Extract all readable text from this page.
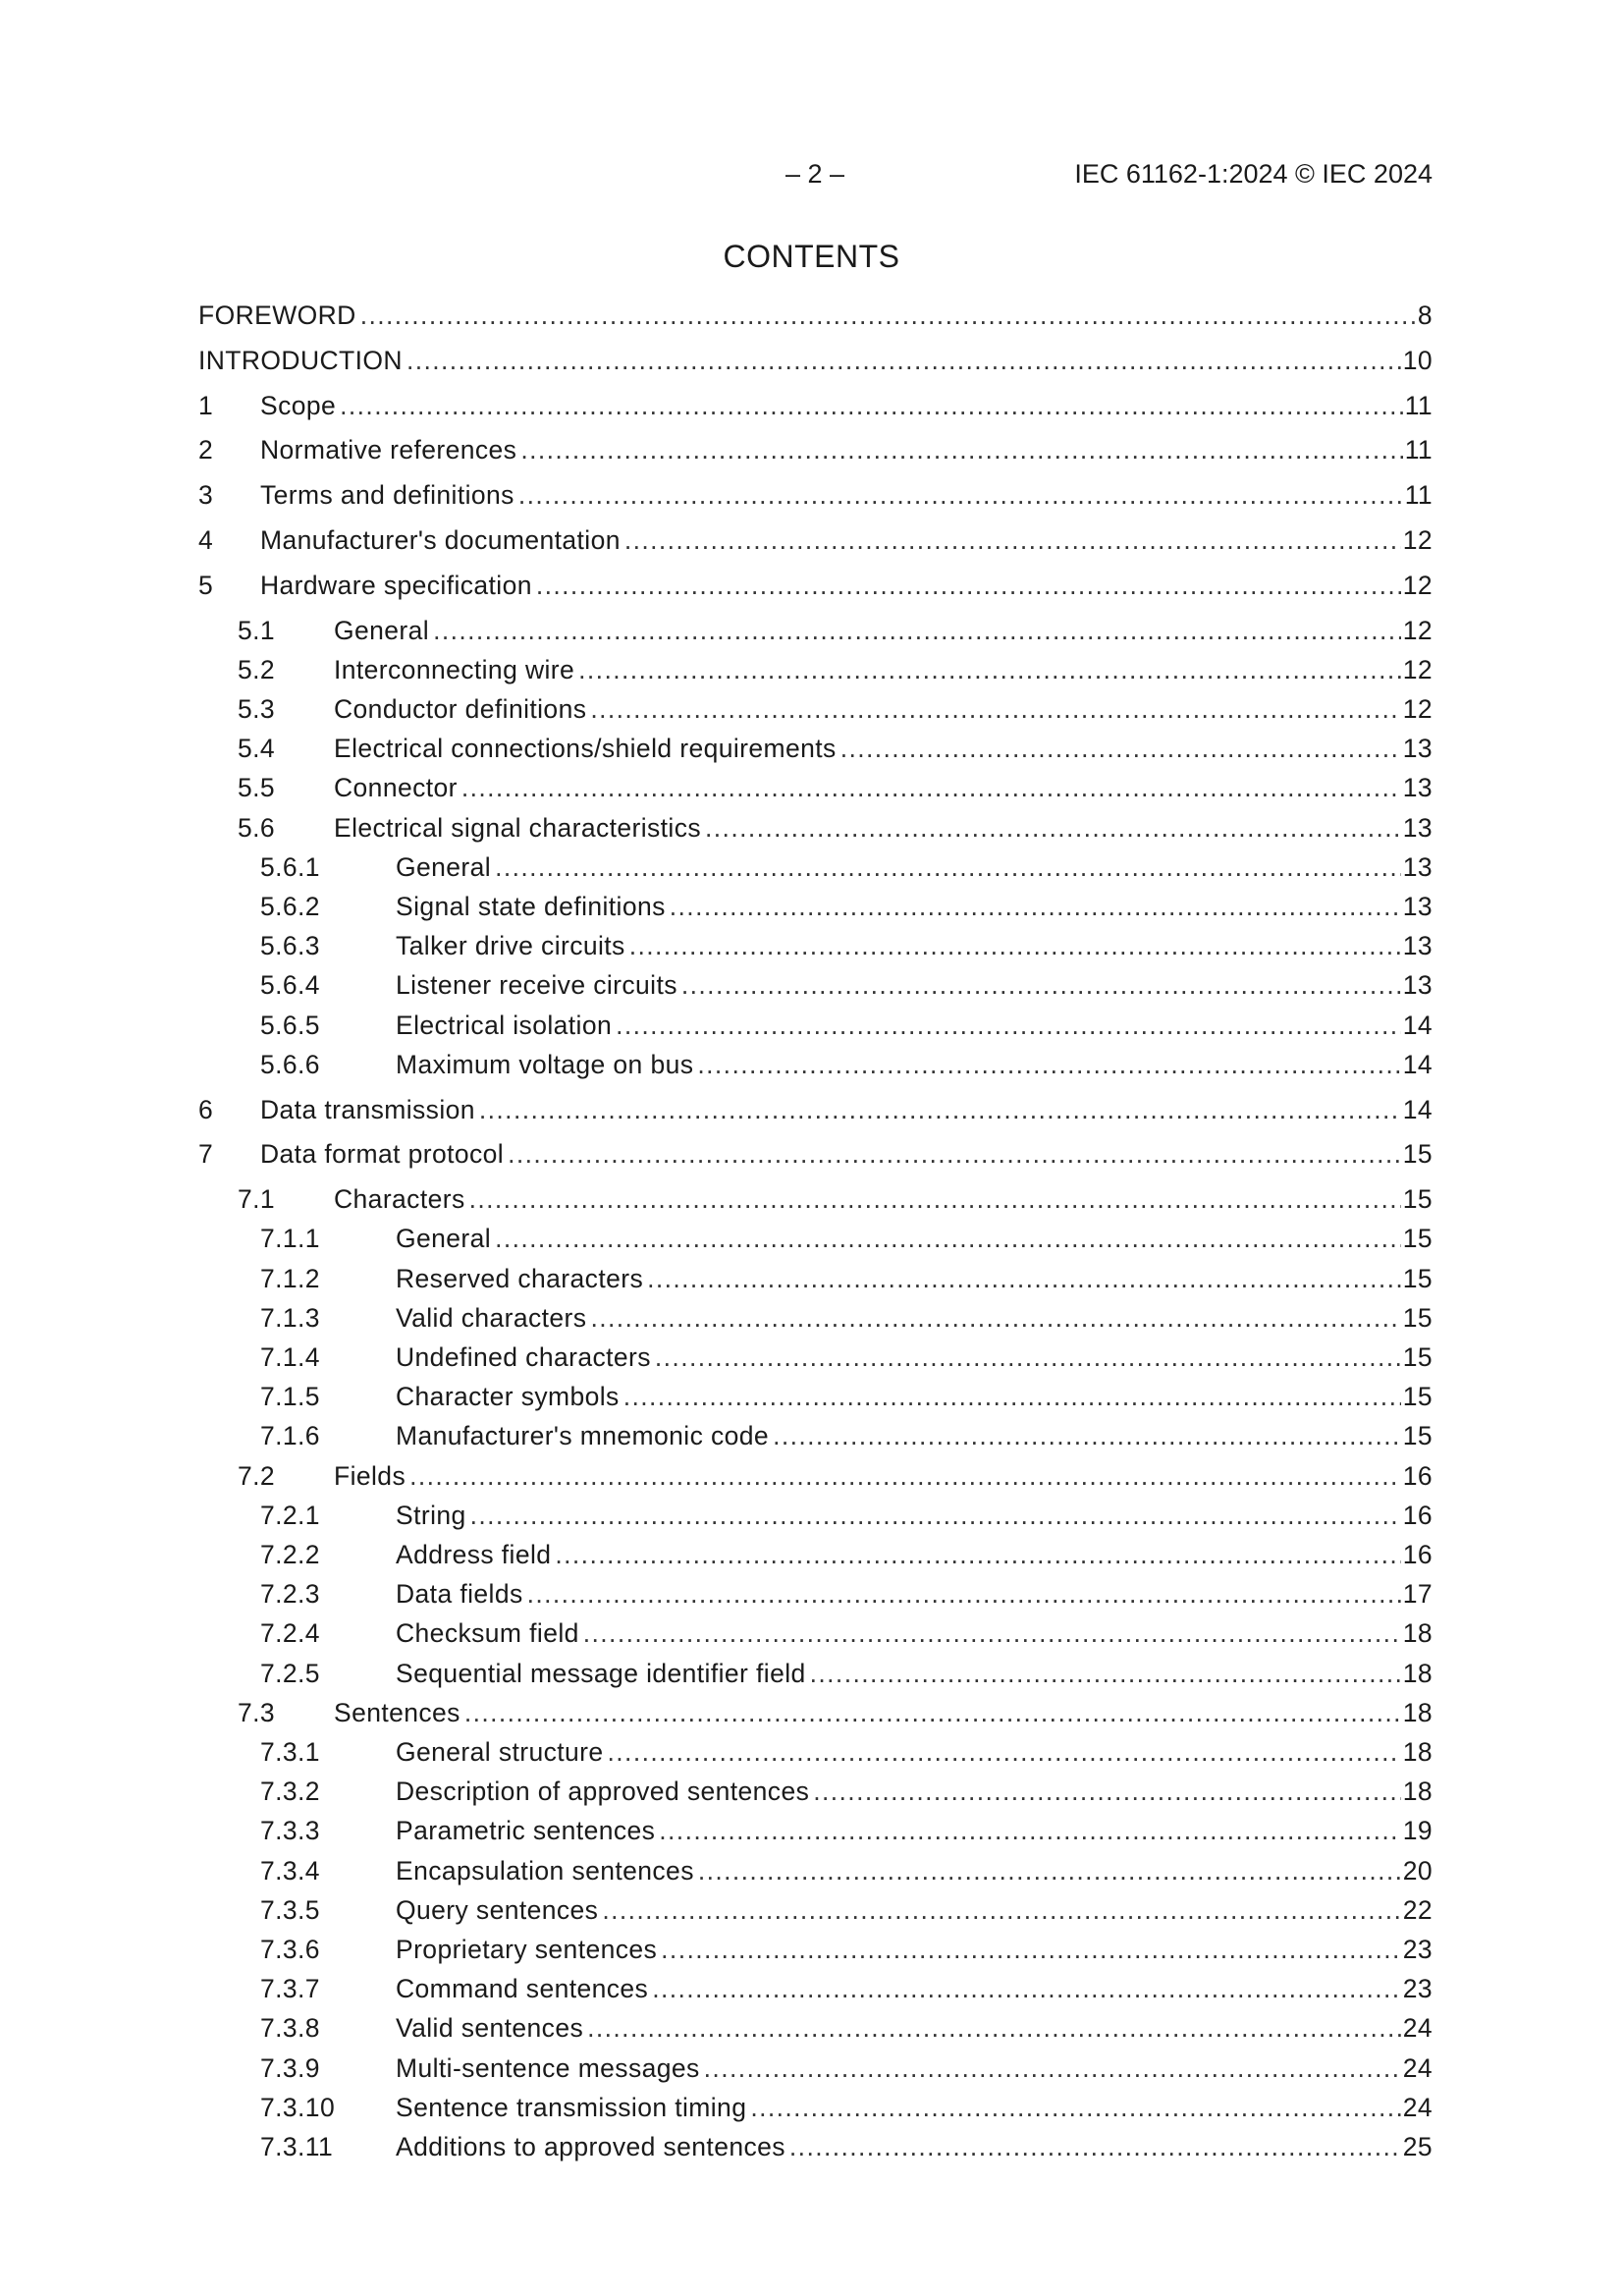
– 2 –	IEC 61162-1:2024 © IEC 2024
CONTENTS
FOREWORD .....	8
INTRODUCTION .....	10
1	Scope .....	11
2	Normative references .....	11
3	Terms and definitions .....	11
4	Manufacturer's documentation .....	12
5	Hardware specification .....	12
5.1	General .....	12
5.2	Interconnecting wire .....	12
5.3	Conductor definitions .....	12
5.4	Electrical connections/shield requirements .....	13
5.5	Connector .....	13
5.6	Electrical signal characteristics .....	13
5.6.1	General .....	13
5.6.2	Signal state definitions .....	13
5.6.3	Talker drive circuits .....	13
5.6.4	Listener receive circuits .....	13
5.6.5	Electrical isolation .....	14
5.6.6	Maximum voltage on bus .....	14
6	Data transmission .....	14
7	Data format protocol .....	15
7.1	Characters .....	15
7.1.1	General .....	15
7.1.2	Reserved characters .....	15
7.1.3	Valid characters .....	15
7.1.4	Undefined characters .....	15
7.1.5	Character symbols .....	15
7.1.6	Manufacturer's mnemonic code .....	15
7.2	Fields .....	16
7.2.1	String .....	16
7.2.2	Address field .....	16
7.2.3	Data fields .....	17
7.2.4	Checksum field .....	18
7.2.5	Sequential message identifier field .....	18
7.3	Sentences .....	18
7.3.1	General structure .....	18
7.3.2	Description of approved sentences .....	18
7.3.3	Parametric sentences .....	19
7.3.4	Encapsulation sentences .....	20
7.3.5	Query sentences .....	22
7.3.6	Proprietary sentences .....	23
7.3.7	Command sentences .....	23
7.3.8	Valid sentences .....	24
7.3.9	Multi-sentence messages .....	24
7.3.10	Sentence transmission timing .....	24
7.3.11	Additions to approved sentences .....	25
